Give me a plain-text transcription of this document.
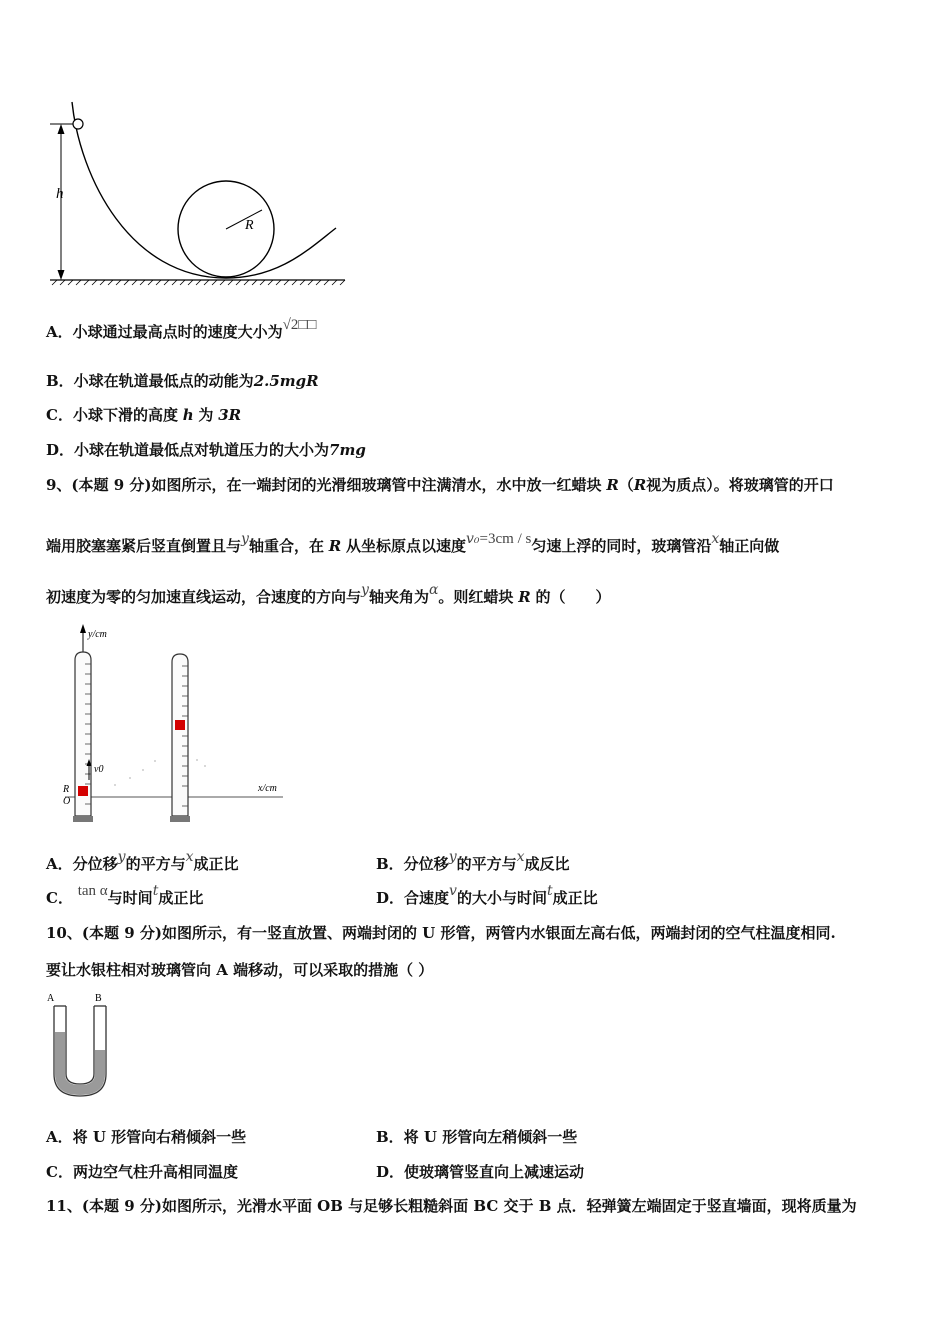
h
R
A．小球通过最高点时的速度大小为√2□□
B．小球在轨道最低点的动能为2.5mgR
C．小球下滑的高度 h 为 3R
D．小球在轨道最低点对轨道压力的大小为7mg
9、(本题 9 分)如图所示，在一端封闭的光滑细玻璃管中注满清水，水中放一红蜡块 R（R视为质点）。将玻璃管的开口
端用胶塞塞紧后竖直倒置且与y轴重合，在 R 从坐标原点以速度v₀=3cm / s匀速上浮的同时，玻璃管沿x轴正向做
初速度为零的匀加速直线运动，合速度的方向与y轴夹角为α。则红蜡块 R 的（　　）
y/cm
x/cm
v0
R
O
A．分位移y的平方与x成正比	B．分位移y的平方与x成反比
C． tan α与时间t成正比	D．合速度v的大小与时间t成正比
10、(本题 9 分)如图所示，有一竖直放置、两端封闭的 U 形管，两管内水银面左高右低，两端封闭的空气柱温度相同.
要让水银柱相对玻璃管向 A 端移动，可以采取的措施（ ）
A	B
A．将 U 形管向右稍倾斜一些	B．将 U 形管向左稍倾斜一些
C．两边空气柱升高相同温度	D．使玻璃管竖直向上减速运动
11、(本题 9 分)如图所示，光滑水平面 OB 与足够长粗糙斜面 BC 交于 B 点．轻弹簧左端固定于竖直墙面，现将质量为
